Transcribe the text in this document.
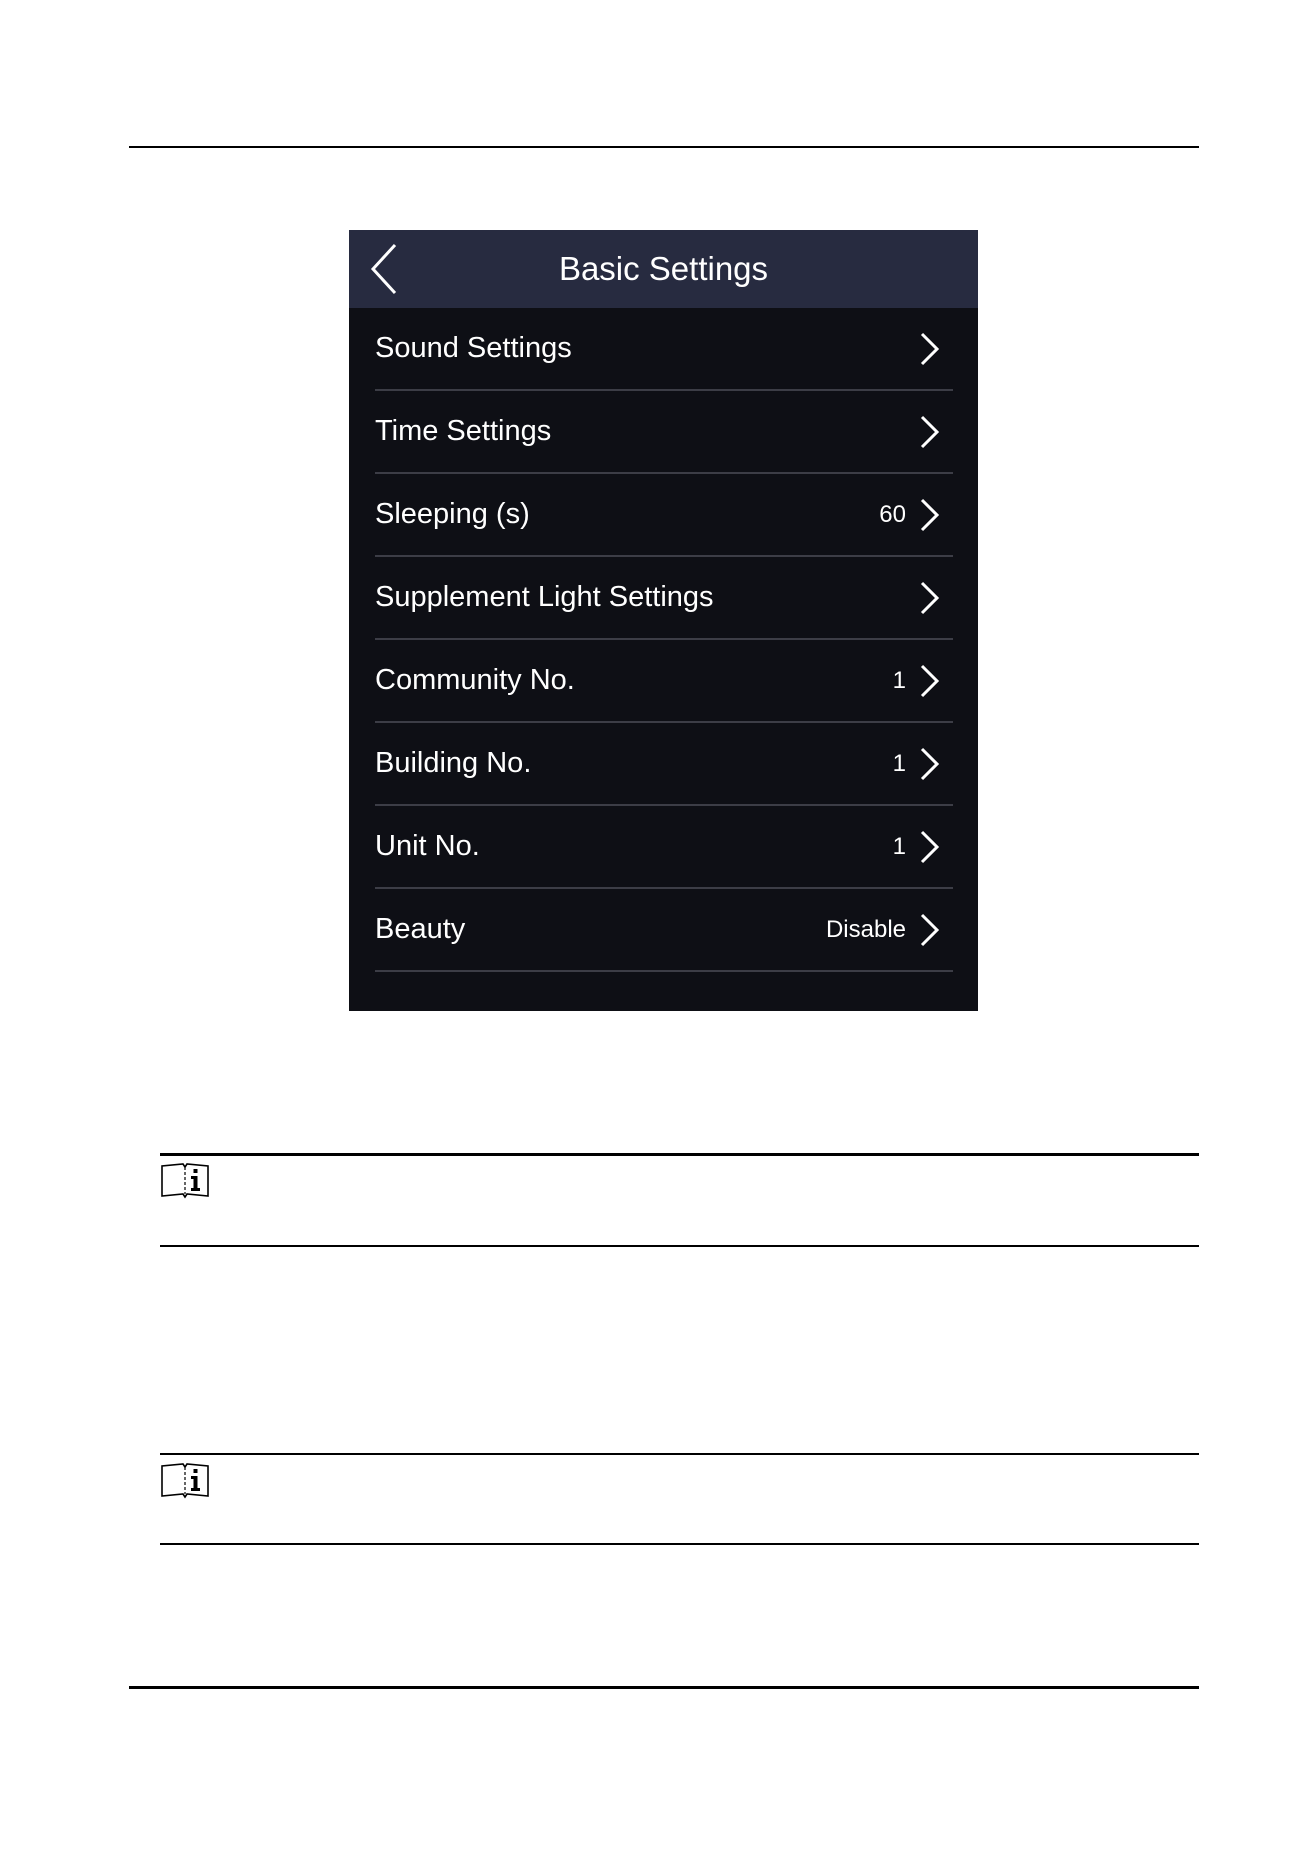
Basic Settings
Sound Settings
Time Settings
Sleeping (s)	60
Supplement Light Settings
Community No.	1
Building No.	1
Unit No.	1
Beauty	Disable
